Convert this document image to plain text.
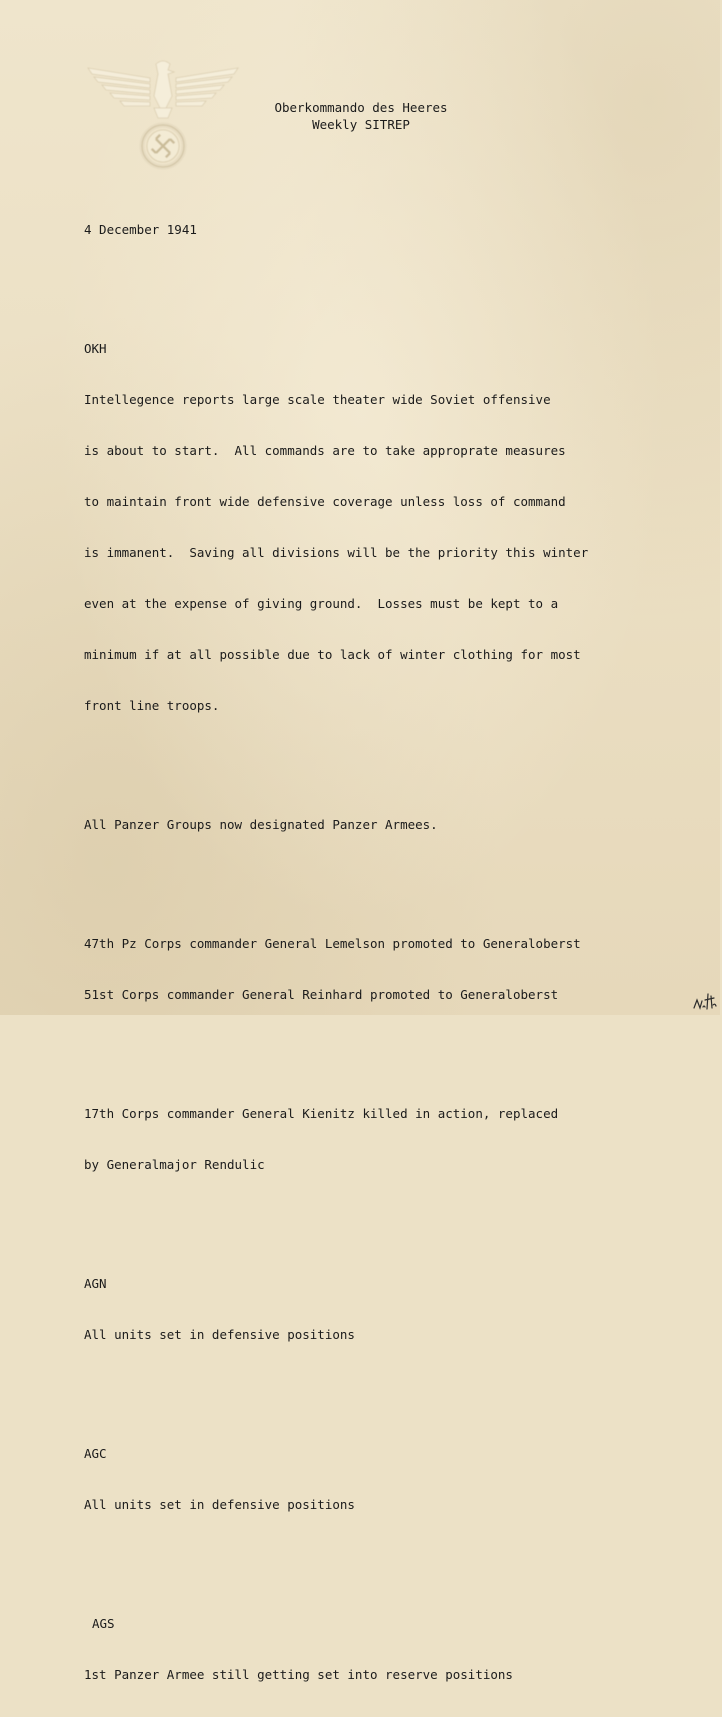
Oberkommando des Heeres
Weekly SITREP

4 December 1941

OKH

Intellegence reports large scale theater wide Soviet offensive

is about to start.  All commands are to take approprate measures

to maintain front wide defensive coverage unless loss of command

is immanent.  Saving all divisions will be the priority this winter

even at the expense of giving ground.  Losses must be kept to a

minimum if at all possible due to lack of winter clothing for most

front line troops.

All Panzer Groups now designated Panzer Armees.

47th Pz Corps commander General Lemelson promoted to Generaloberst

51st Corps commander General Reinhard promoted to Generaloberst

17th Corps commander General Kienitz killed in action, replaced

by Generalmajor Rendulic

AGN

All units set in defensive positions

AGC

All units set in defensive positions

AGS

1st Panzer Armee still getting set into reserve positions
